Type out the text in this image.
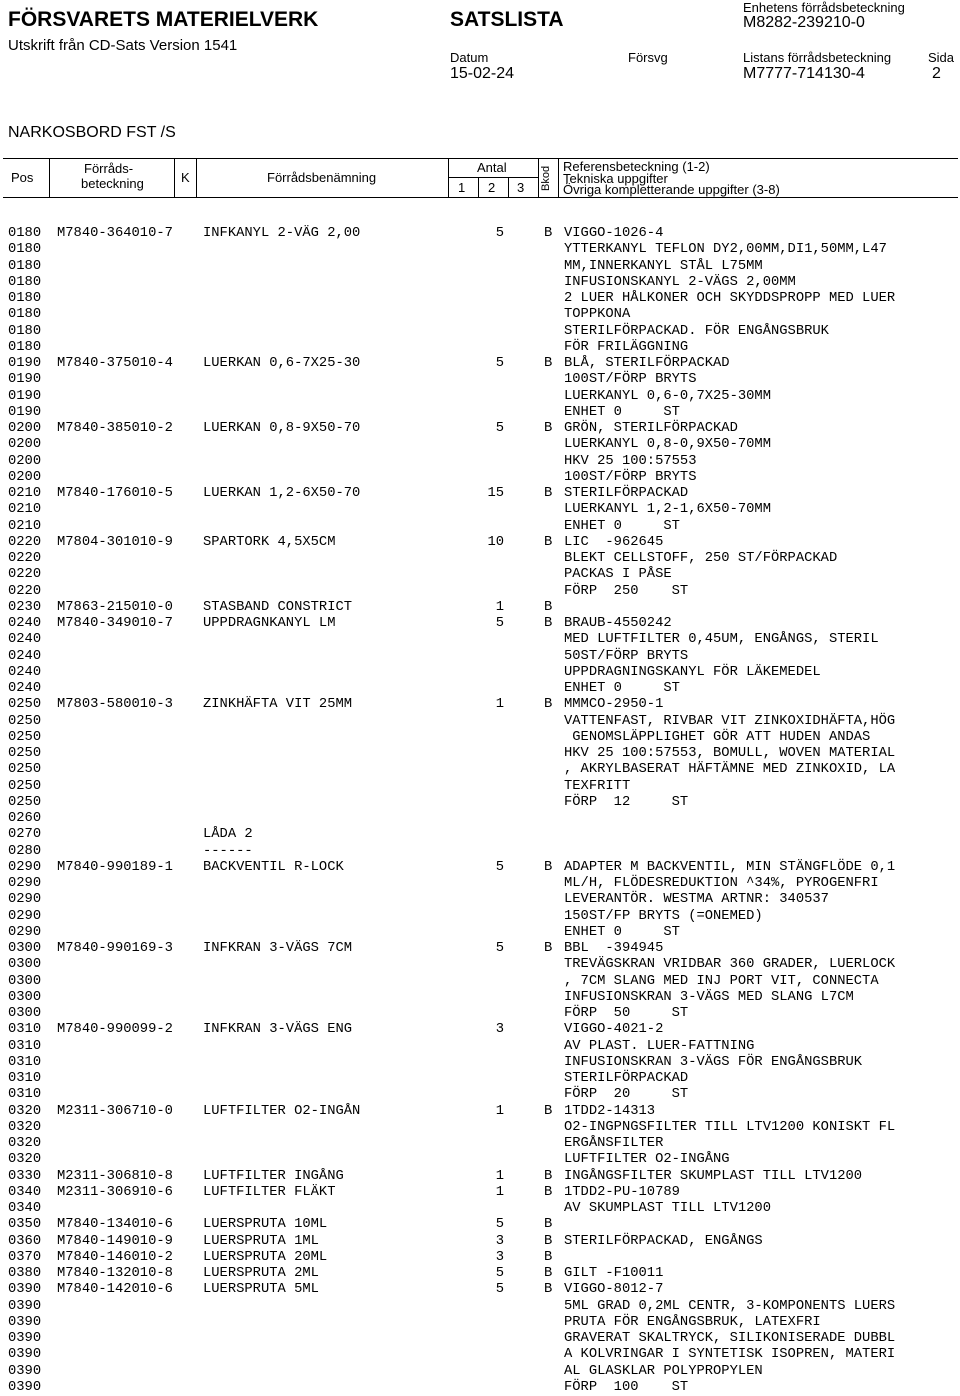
FÖRSVARETS MATERIELVERK
Utskrift från CD-Sats Version 1541
SATSLISTA
Enhetens förrådsbeteckning
M8282-239210-0
Datum
15-02-24
Försvg	Listans förrådsbeteckning
M7777-714130-4
Sida
2
NARKOSBORD FST /S
Pos
Förråds-
beteckning	K	Förrådsbenämning
Antal
1 2 3 Bkod Referensbeteckning (1-2)
Tekniska uppgifter
Övriga kompletterande uppgifter (3-8)
0180 M7840-364010-7 INFKANYL 2-VÄG 2,00	5	B VIGGO-1026-4
0180	YTTERKANYL TEFLON DY2,00MM,DI1,50MM,L47
0180	MM,INNERKANYL STÅL L75MM
0180	INFUSIONSKANYL 2-VÄGS 2,00MM
0180	2 LUER HÅLKONER OCH SKYDDSPROPP MED LUER
0180	TOPPKONA
0180	STERILFÖRPACKAD. FÖR ENGÅNGSBRUK
0180	FÖR FRILÄGGNING
0190 M7840-375010-4 LUERKAN 0,6-7X25-30	5	B BLÅ, STERILFÖRPACKAD
0190	100ST/FÖRP BRYTS
0190	LUERKANYL 0,6-0,7X25-30MM
0190	ENHET 0     ST
0200 M7840-385010-2 LUERKAN 0,8-9X50-70	5	B GRÖN, STERILFÖRPACKAD
0200	LUERKANYL 0,8-0,9X50-70MM
0200	HKV 25 100:57553
0200	100ST/FÖRP BRYTS
0210 M7840-176010-5 LUERKAN 1,2-6X50-70	15	B STERILFÖRPACKAD
0210	LUERKANYL 1,2-1,6X50-70MM
0210	ENHET 0     ST
0220 M7804-301010-9 SPARTORK 4,5X5CM	10	B LIC  -962645
0220	BLEKT CELLSTOFF, 250 ST/FÖRPACKAD
0220	PACKAS I PÅSE
0220	FÖRP  250    ST
0230 M7863-215010-0 STASBAND CONSTRICT	1	B
0240 M7840-349010-7 UPPDRAGNKANYL LM	5	B BRAUB-4550242
0240	MED LUFTFILTER 0,45UM, ENGÅNGS, STERIL
0240	50ST/FÖRP BRYTS
0240	UPPDRAGNINGSKANYL FÖR LÄKEMEDEL
0240	ENHET 0     ST
0250 M7803-580010-3 ZINKHÄFTA VIT 25MM	1	B MMMCO-2950-1
0250	VATTENFAST, RIVBAR VIT ZINKOXIDHÄFTA,HÖG
0250	GENOMSLÄPPLIGHET GÖR ATT HUDEN ANDAS
0250	HKV 25 100:57553, BOMULL, WOVEN MATERIAL
0250	, AKRYLBASERAT HÄFTÄMNE MED ZINKOXID, LA
0250	TEXFRITT
0250	FÖRP  12     ST
0260
0270	LÅDA 2
0280	------
0290 M7840-990189-1 BACKVENTIL R-LOCK	5	B ADAPTER M BACKVENTIL, MIN STÄNGFLÖDE 0,1
0290	ML/H, FLÖDESREDUKTION ^34%, PYROGENFRI
0290	LEVERANTÖR. WESTMA ARTNR: 340537
0290	150ST/FP BRYTS (=ONEMED)
0290	ENHET 0     ST
0300 M7840-990169-3 INFKRAN 3-VÄGS 7CM	5	B BBL  -394945
0300	TREVÄGSKRAN VRIDBAR 360 GRADER, LUERLOCK
0300	, 7CM SLANG MED INJ PORT VIT, CONNECTA
0300	INFUSIONSKRAN 3-VÄGS MED SLANG L7CM
0300	FÖRP  50     ST
0310 M7840-990099-2 INFKRAN 3-VÄGS ENG	3	VIGGO-4021-2
0310	AV PLAST. LUER-FATTNING
0310	INFUSIONSKRAN 3-VÄGS FÖR ENGÅNGSBRUK
0310	STERILFÖRPACKAD
0310	FÖRP  20     ST
0320 M2311-306710-0 LUFTFILTER O2-INGÅN	1	B 1TDD2-14313
0320	O2-INGPNGSFILTER TILL LTV1200 KONISKT FL
0320	ERGÅNSFILTER
0320	LUFTFILTER O2-INGÅNG
0330 M2311-306810-8 LUFTFILTER INGÅNG	1	B INGÅNGSFILTER SKUMPLAST TILL LTV1200
0340 M2311-306910-6 LUFTFILTER FLÄKT	1	B 1TDD2-PU-10789
0340	AV SKUMPLAST TILL LTV1200
0350 M7840-134010-6 LUERSPRUTA 10ML	5	B
0360 M7840-149010-9 LUERSPRUTA 1ML	3	B STERILFÖRPACKAD, ENGÅNGS
0370 M7840-146010-2 LUERSPRUTA 20ML	3	B
0380 M7840-132010-8 LUERSPRUTA 2ML	5	B GILT -F10011
0390 M7840-142010-6 LUERSPRUTA 5ML	5	B VIGGO-8012-7
0390	5ML GRAD 0,2ML CENTR, 3-KOMPONENTS LUERS
0390	PRUTA FÖR ENGÅNGSBRUK, LATEXFRI
0390	GRAVERAT SKALTRYCK, SILIKONISERADE DUBBL
0390	A KOLVRINGAR I SYNTETISK ISOPREN, MATERI
0390	AL GLASKLAR POLYPROPYLEN
0390	FÖRP  100    ST
